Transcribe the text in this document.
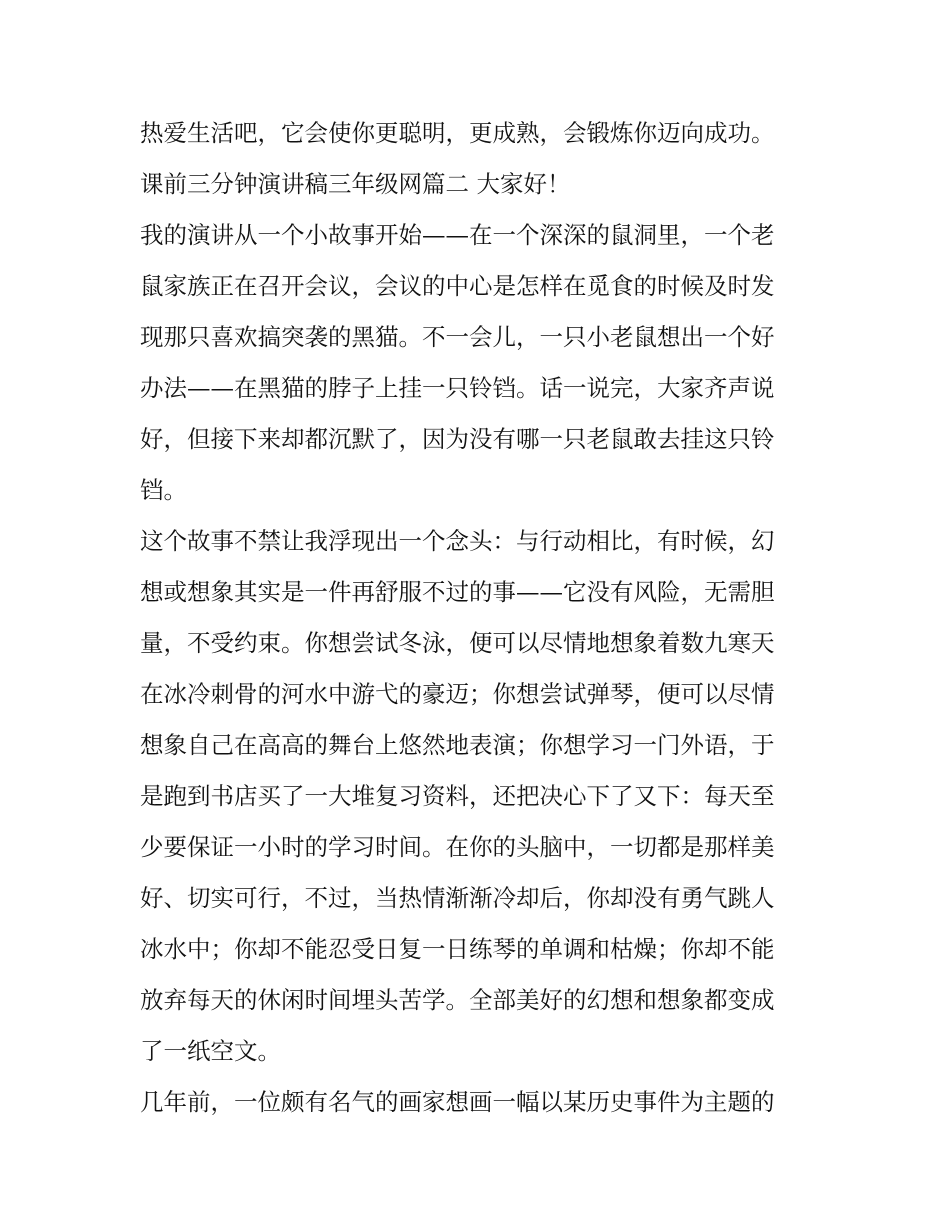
热爱生活吧，它会使你更聪明，更成熟，会锻炼你迈向成功。
课前三分钟演讲稿三年级网篇二 大家好！
我的演讲从一个小故事开始——在一个深深的鼠洞里，一个老
鼠家族正在召开会议，会议的中心是怎样在觅食的时候及时发
现那只喜欢搞突袭的黑猫。不一会儿，一只小老鼠想出一个好
办法——在黑猫的脖子上挂一只铃铛。话一说完，大家齐声说
好，但接下来却都沉默了，因为没有哪一只老鼠敢去挂这只铃
铛。
这个故事不禁让我浮现出一个念头：与行动相比，有时候，幻
想或想象其实是一件再舒服不过的事——它没有风险，无需胆
量，不受约束。你想尝试冬泳，便可以尽情地想象着数九寒天
在冰冷刺骨的河水中游弋的豪迈；你想尝试弹琴，便可以尽情
想象自己在高高的舞台上悠然地表演；你想学习一门外语，于
是跑到书店买了一大堆复习资料，还把决心下了又下：每天至
少要保证一小时的学习时间。在你的头脑中，一切都是那样美
好、切实可行，不过，当热情渐渐冷却后，你却没有勇气跳人
冰水中；你却不能忍受日复一日练琴的单调和枯燥；你却不能
放弃每天的休闲时间埋头苦学。全部美好的幻想和想象都变成
了一纸空文。
几年前，一位颇有名气的画家想画一幅以某历史事件为主题的
